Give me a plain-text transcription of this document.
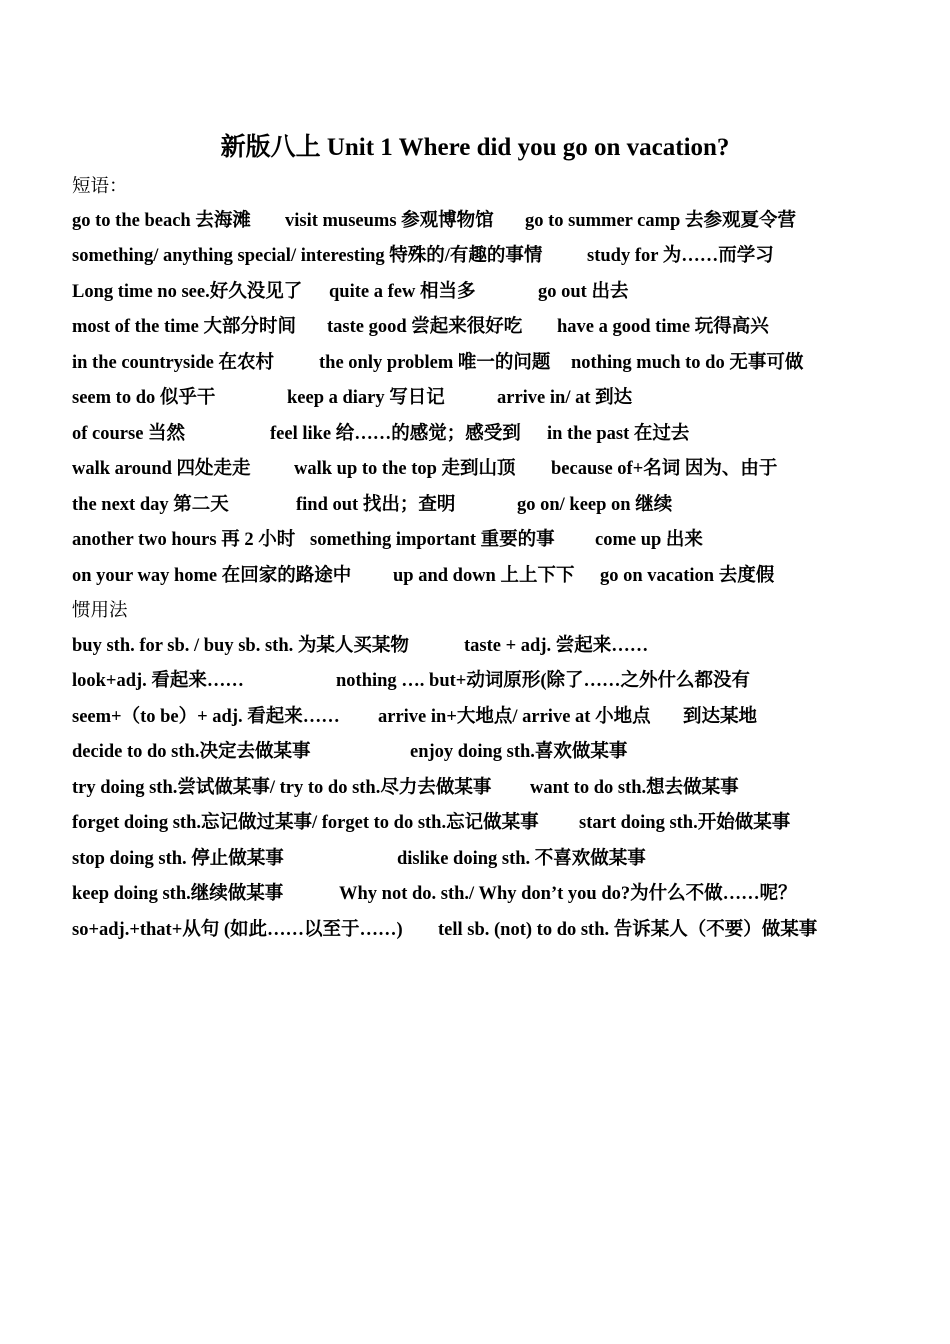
新版八上 Unit 1 Where did you go on vacation?
短语：
go to the beach 去海滩 visit museums 参观博物馆 go to summer camp 去参观夏令营
something/ anything special/ interesting 特殊的/有趣的事情 study for 为……而学习
Long time no see.好久没见了 quite a few 相当多	go out 出去
most of the time 大部分时间 taste good 尝起来很好吃 have a good time 玩得高兴
in the countryside 在农村 the only problem 唯一的问题 nothing much to do 无事可做
seem to do 似乎干	keep a diary 写日记	arrive in/ at 到达
of course 当然	feel like 给……的感觉；感受到 in the past 在过去
walk around 四处走走 walk up to the top 走到山顶 because of+名词 因为、由于
the next day 第二天	find out 找出；查明	go on/ keep on 继续
another two hours 再 2 小时 something important 重要的事 come up 出来
on your way home 在回家的路途中 up and down 上上下下 go on vacation 去度假
惯用法
buy sth. for sb. / buy sb. sth. 为某人买某物	taste + adj. 尝起来……
look+adj. 看起来……	nothing …. but+动词原形(除了……之外什么都没有
seem+（to be）+ adj. 看起来…… arrive in+大地点/ arrive at 小地点 到达某地
decide to do sth.决定去做某事	enjoy doing sth.喜欢做某事
try doing sth.尝试做某事/ try to do sth.尽力去做某事 want to do sth.想去做某事
forget doing sth.忘记做过某事/ forget to do sth.忘记做某事 start doing sth.开始做某事
stop doing sth. 停止做某事	dislike doing sth. 不喜欢做某事
keep doing sth.继续做某事	Why not do. sth./ Why don’t you do?为什么不做……呢？
so+adj.+that+从句 (如此……以至于……) tell sb. (not) to do sth. 告诉某人（不要）做某事
